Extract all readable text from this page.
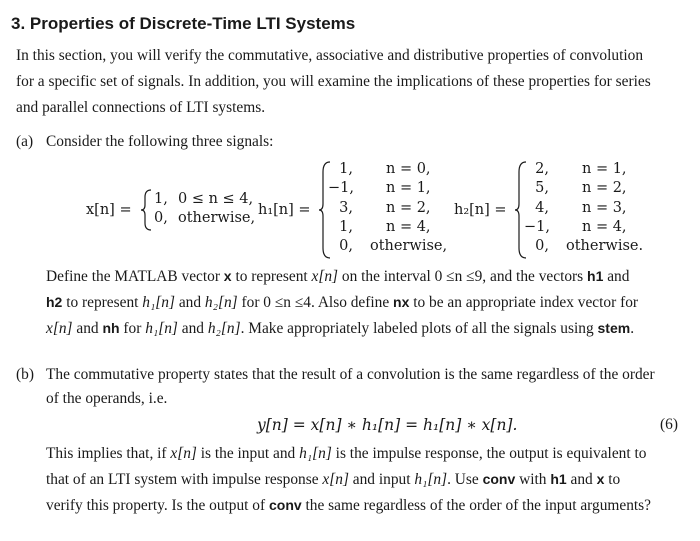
3. Properties of Discrete-Time LTI Systems
In this section, you will verify the commutative, associative and distributive properties of convolution
for a specific set of signals. In addition, you will examine the implications of these properties for series
and parallel connections of LTI systems.
(a) Consider the following three signals:
x[n] =
1, 0 ≤ n ≤ 4,
0, otherwise, h₁[n] =
1, n = 0,
−1, n = 1,
3, n = 2,
1, n = 4,
0, otherwise,
h₂[n] =
2, n = 1,
5, n = 2,
4, n = 3,
−1, n = 4,
0, otherwise.
Define the MATLAB vector x to represent x[n] on the interval 0 ≤n ≤9, and the vectors h1 and
h2 to represent h₁[n] and h₂[n] for 0 ≤n ≤4. Also define nx to be an appropriate index vector for
x[n] and nh for h₁[n] and h₂[n]. Make appropriately labeled plots of all the signals using stem.
(b) The commutative property states that the result of a convolution is the same regardless of the order
of the operands, i.e.
y[n] = x[n] ∗ h₁[n] = h₁[n] ∗ x[n].	(6)
This implies that, if x[n] is the input and h₁[n] is the impulse response, the output is equivalent to
that of an LTI system with impulse response x[n] and input h₁[n]. Use conv with h1 and x to
verify this property. Is the output of conv the same regardless of the order of the input arguments?
